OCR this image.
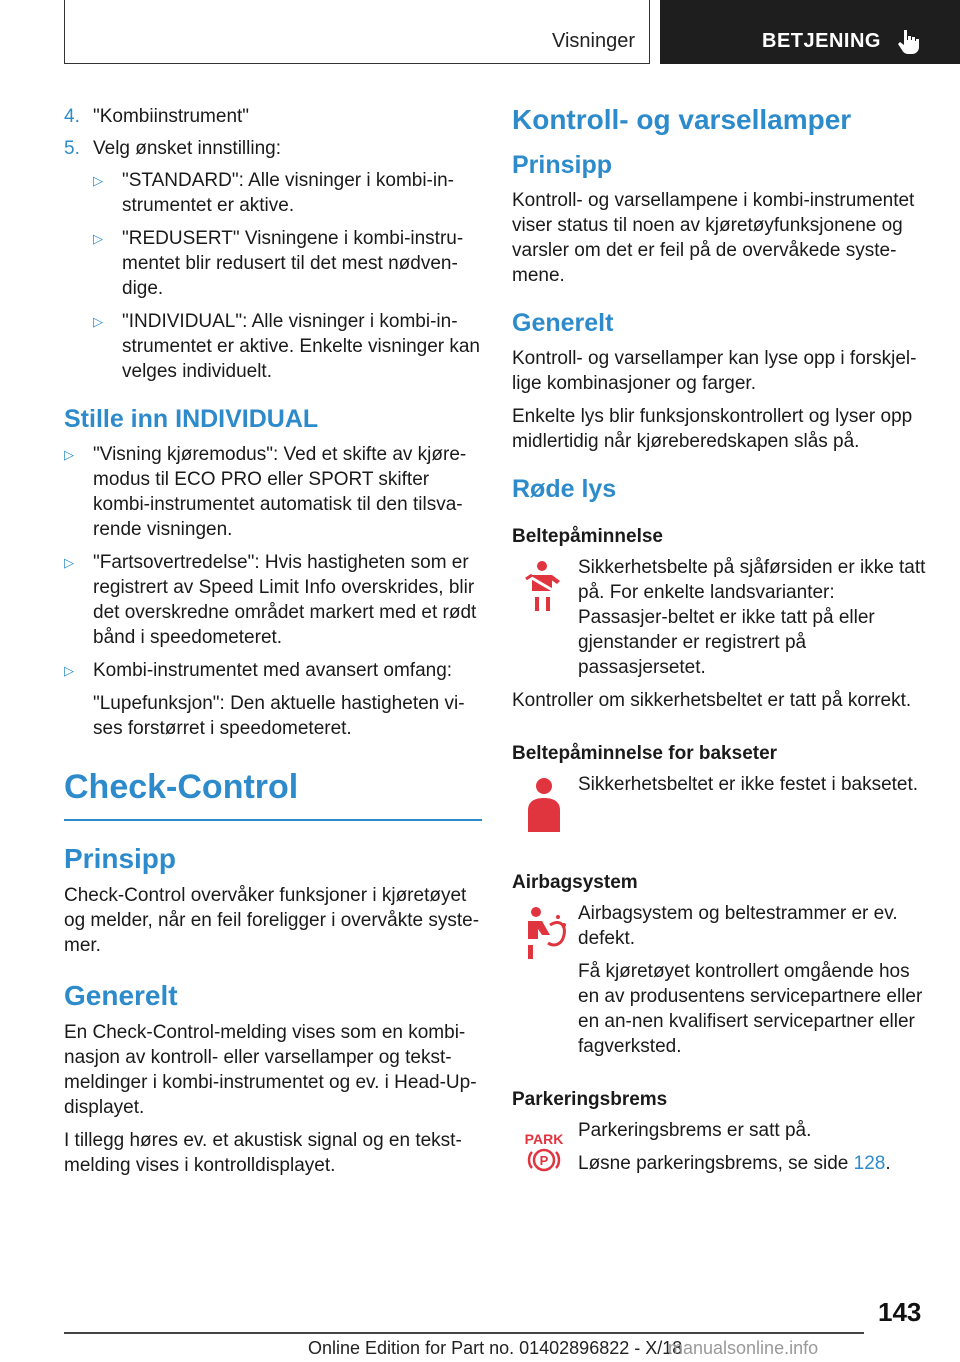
Visninger	BETJENING
4. "Kombiinstrument"
5. Velg ønsket innstilling:
▷	"STANDARD": Alle visninger i kombi-in-strumentet er aktive.
▷	"REDUSERT" Visningene i kombi-instru-mentet blir redusert til det mest nødven-dige.
▷	"INDIVIDUAL": Alle visninger i kombi-in-strumentet er aktive. Enkelte visninger kan velges individuelt.
Stille inn INDIVIDUAL
▷	"Visning kjøremodus": Ved et skifte av kjøre-modus til ECO PRO eller SPORT skifter kombi-instrumentet automatisk til den tilsva-rende visningen.
▷	"Fartsovertredelse": Hvis hastigheten som er registrert av Speed Limit Info overskrides, blir det overskredne området markert med et rødt bånd i speedometeret.
▷	Kombi-instrumentet med avansert omfang:
"Lupefunksjon": Den aktuelle hastigheten vi-ses forstørret i speedometeret.
Check-Control
Prinsipp

Check-Control overvåker funksjoner i kjøretøyet og melder, når en feil foreligger i overvåkte syste-mer.

Generelt

En Check-Control-melding vises som en kombi-nasjon av kontroll- eller varsellamper og tekst-meldinger i kombi-instrumentet og ev. i Head-Up-displayet.

I tillegg høres ev. et akustisk signal og en tekst-melding vises i kontrolldisplayet.

Kontroll- og varsellamper
Prinsipp

Kontroll- og varsellampene i kombi-instrumentet viser status til noen av kjøretøyfunksjonene og varsler om det er feil på de overvåkede syste-mene.

Generelt

Kontroll- og varsellamper kan lyse opp i forskjel-lige kombinasjoner og farger.

Enkelte lys blir funksjonskontrollert og lyser opp midlertidig når kjøreberedskapen slås på.

Røde lys
Beltepåminnelse

Sikkerhetsbelte på sjåførsiden er ikke tatt på. For enkelte landsvarianter: Passasjer-beltet er ikke tatt på eller gjenstander er registrert på passasjersetet.

Kontroller om sikkerhetsbeltet er tatt på korrekt.

Beltepåminnelse for bakseter

Sikkerhetsbeltet er ikke festet i baksetet.

Airbagsystem

Airbagsystem og beltestrammer er ev. defekt.

Få kjøretøyet kontrollert omgående hos en av produsentens servicepartnere eller en an-nen kvalifisert servicepartner eller fagverksted.

Parkeringsbrems
PARK
P

Parkeringsbrems er satt på.

Løsne parkeringsbrems, se side 128.

143
Online Edition for Part no. 01402896822 - X/18
manualsonline.info
